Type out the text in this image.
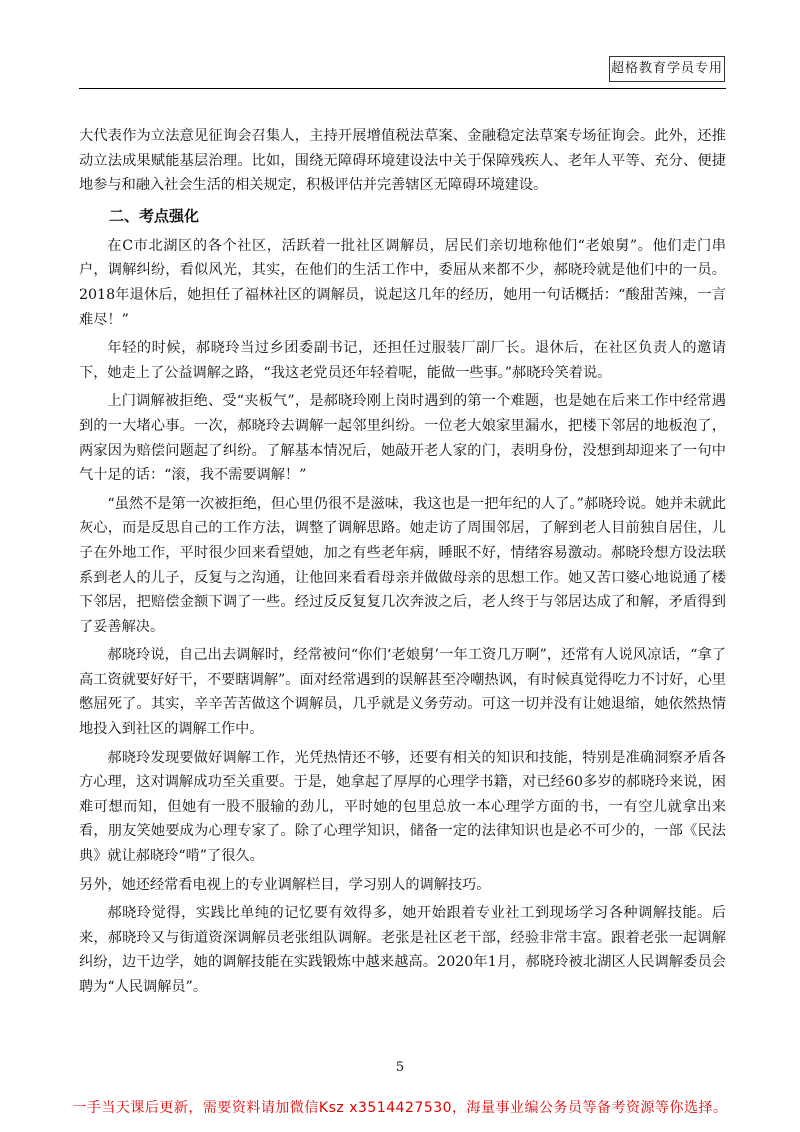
超格教育学员专用

大代表作为立法意见征询会召集人，主持开展增值税法草案、金融稳定法草案专场征询会。此外，还推动立法成果赋能基层治理。比如，围绕无障碍环境建设法中关于保障残疾人、老年人平等、充分、便捷地参与和融入社会生活的相关规定，积极评估并完善辖区无障碍环境建设。

二、考点强化

在C市北湖区的各个社区，活跃着一批社区调解员，居民们亲切地称他们“老娘舅”。他们走门串户，调解纠纷，看似风光，其实，在他们的生活工作中，委屈从来都不少，郝晓玲就是他们中的一员。2018年退休后，她担任了福林社区的调解员，说起这几年的经历，她用一句话概括：“酸甜苦辣，一言难尽！”

年轻的时候，郝晓玲当过乡团委副书记，还担任过服装厂副厂长。退休后，在社区负责人的邀请下，她走上了公益调解之路，“我这老党员还年轻着呢，能做一些事。”郝晓玲笑着说。

上门调解被拒绝、受“夹板气”，是郝晓玲刚上岗时遇到的第一个难题，也是她在后来工作中经常遇到的一大堵心事。一次，郝晓玲去调解一起邻里纠纷。一位老大娘家里漏水，把楼下邻居的地板泡了，两家因为赔偿问题起了纠纷。了解基本情况后，她敲开老人家的门，表明身份，没想到却迎来了一句中气十足的话：“滚，我不需要调解！”

“虽然不是第一次被拒绝，但心里仍很不是滋味，我这也是一把年纪的人了。”郝晓玲说。她并未就此灰心，而是反思自己的工作方法，调整了调解思路。她走访了周围邻居，了解到老人目前独自居住，儿子在外地工作，平时很少回来看望她，加之有些老年病，睡眠不好，情绪容易激动。郝晓玲想方设法联系到老人的儿子，反复与之沟通，让他回来看看母亲并做做母亲的思想工作。她又苦口婆心地说通了楼下邻居，把赔偿金额下调了一些。经过反反复复几次奔波之后，老人终于与邻居达成了和解，矛盾得到了妥善解决。

郝晓玲说，自己出去调解时，经常被问“你们‘老娘舅’一年工资几万啊”，还常有人说风凉话，“拿了高工资就要好好干，不要瞎调解”。面对经常遇到的误解甚至冷嘲热讽，有时候真觉得吃力不讨好，心里憋屈死了。其实，辛辛苦苦做这个调解员，几乎就是义务劳动。可这一切并没有让她退缩，她依然热情地投入到社区的调解工作中。

郝晓玲发现要做好调解工作，光凭热情还不够，还要有相关的知识和技能，特别是准确洞察矛盾各方心理，这对调解成功至关重要。于是，她拿起了厚厚的心理学书籍，对已经60多岁的郝晓玲来说，困难可想而知，但她有一股不服输的劲儿，平时她的包里总放一本心理学方面的书，一有空儿就拿出来看，朋友笑她要成为心理专家了。除了心理学知识，储备一定的法律知识也是必不可少的，一部《民法典》就让郝晓玲“啃”了很久。

另外，她还经常看电视上的专业调解栏目，学习别人的调解技巧。

郝晓玲觉得，实践比单纯的记忆要有效得多，她开始跟着专业社工到现场学习各种调解技能。后来，郝晓玲又与街道资深调解员老张组队调解。老张是社区老干部，经验非常丰富。跟着老张一起调解纠纷，边干边学，她的调解技能在实践锻炼中越来越高。2020年1月，郝晓玲被北湖区人民调解委员会聘为“人民调解员”。

5
一手当天课后更新，需要资料请加微信Ksz x3514427530，海量事业编公务员等备考资源等你选择。
